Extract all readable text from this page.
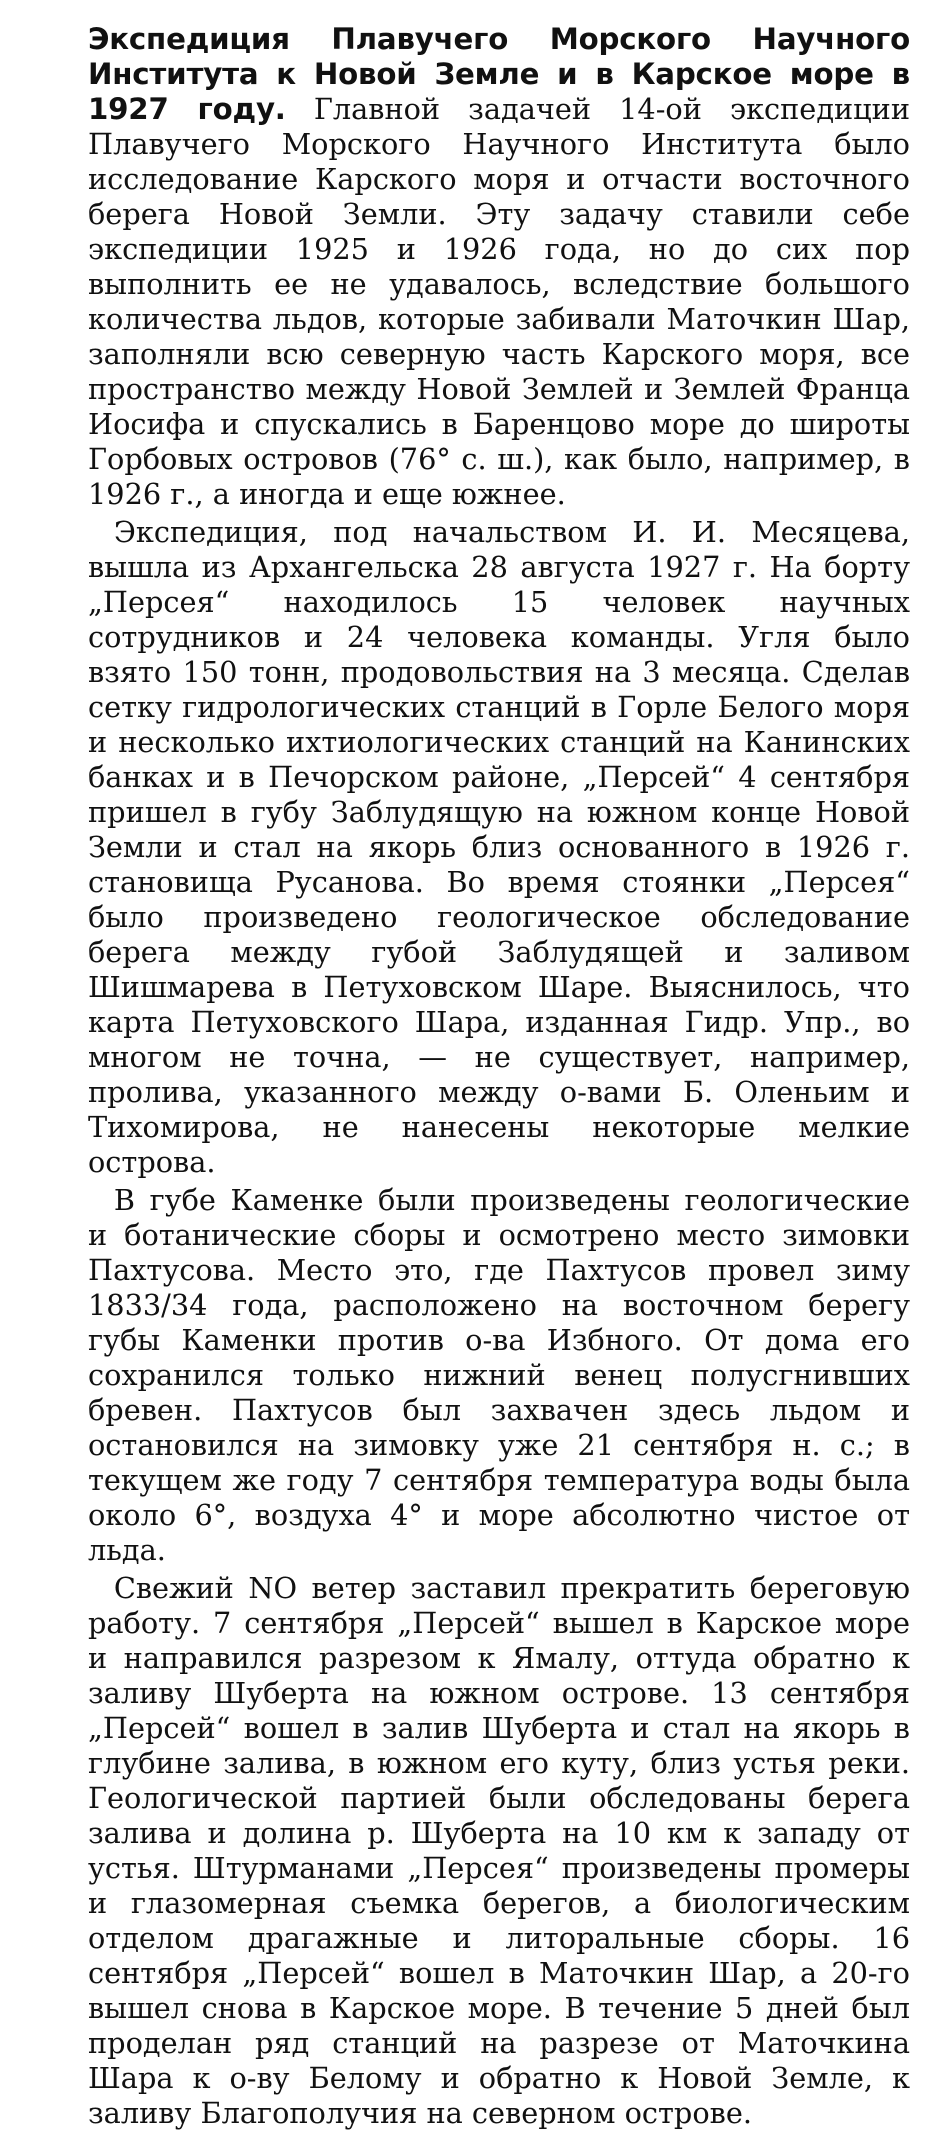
Экспедиция Плавучего Морского Научного Института к Новой Земле и в Карское море в 1927 году. Главной задачей 14-ой экспедиции Плавучего Морского Научного Института было исследование Карского моря и отчасти восточного берега Новой Земли. Эту задачу ставили себе экспедиции 1925 и 1926 года, но до сих пор выполнить ее не удавалось, вследствие большого количества льдов, которые забивали Маточкин Шар, заполняли всю северную часть Карского моря, все пространство между Новой Землей и Землей Франца Иосифа и спускались в Баренцово море до широты Горбовых островов (76° с. ш.), как было, например, в 1926 г., а иногда и еще южнее.

Экспедиция, под начальством И. И. Месяцева, вышла из Архангельска 28 августа 1927 г. На борту „Персея“ находилось 15 человек научных сотрудников и 24 человека команды. Угля было взято 150 тонн, продовольствия на 3 месяца. Сделав сетку гидрологических станций в Горле Белого моря и несколько ихтиологических станций на Канинских банках и в Печорском районе, „Персей“ 4 сентября пришел в губу Заблудящую на южном конце Новой Земли и стал на якорь близ основанного в 1926 г. становища Русанова. Во время стоянки „Персея“ было произведено геологическое обследование берега между губой Заблудящей и заливом Шишмарева в Петуховском Шаре. Выяснилось, что карта Петуховского Шара, изданная Гидр. Упр., во многом не точна, — не существует, например, пролива, указанного между о-вами Б. Оленьим и Тихомирова, не нанесены некоторые мелкие острова.

В губе Каменке были произведены геологические и ботанические сборы и осмотрено место зимовки Пахтусова. Место это, где Пахтусов провел зиму 1833/34 года, расположено на восточном берегу губы Каменки против о-ва Избного. От дома его сохранился только нижний венец полусгнивших бревен. Пахтусов был захвачен здесь льдом и остановился на зимовку уже 21 сентября н. с.; в текущем же году 7 сентября температура воды была около 6°, воздуха 4° и море абсолютно чистое от льда.

Свежий NO ветер заставил прекратить береговую работу. 7 сентября „Персей“ вышел в Карское море и направился разрезом к Ямалу, оттуда обратно к заливу Шуберта на южном острове. 13 сентября „Персей“ вошел в залив Шуберта и стал на якорь в глубине залива, в южном его куту, близ устья реки. Геологической партией были обследованы берега залива и долина р. Шуберта на 10 км к западу от устья. Штурманами „Персея“ произведены промеры и глазомерная съемка берегов, а биологическим отделом драгажные и литоральные сборы. 16 сентября „Персей“ вошел в Маточкин Шар, а 20-го вышел снова в Карское море. В течение 5 дней был проделан ряд станций на разрезе от Маточкина Шара к о-ву Белому и обратно к Новой Земле, к заливу Благополучия на северном острове.
